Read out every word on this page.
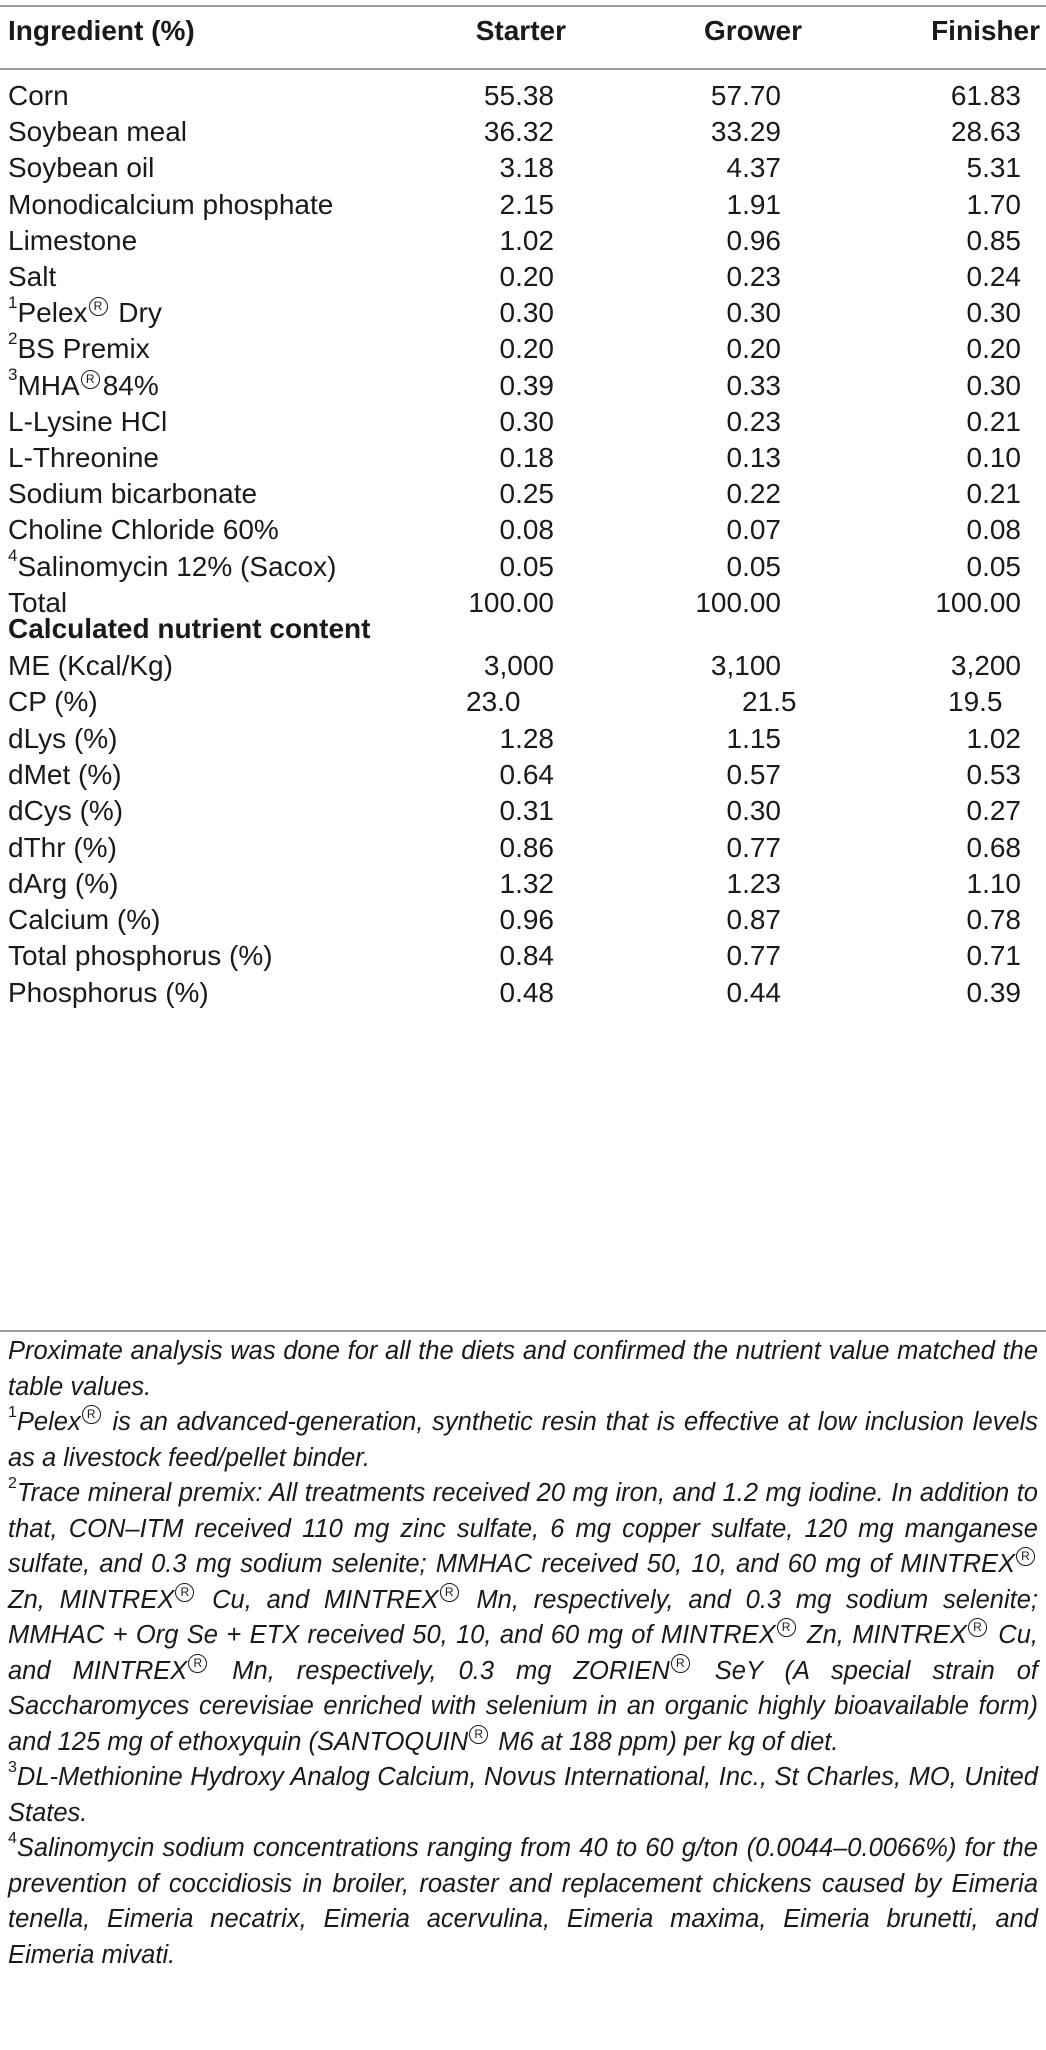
Ingredient (%)	Starter	Grower	Finisher
Corn	55.38	57.70	61.83
Soybean meal	36.32	33.29	28.63
Soybean oil	3.18	4.37	5.31
Monodicalcium phosphate	2.15	1.91	1.70
Limestone	1.02	0.96	0.85
Salt	0.20	0.23	0.24
$^1$Pelex R Dry	0.30	0.30	0.30
$^2$BS Premix	0.20	0.20	0.20
$^3$MHA R 84%	0.39	0.33	0.30
L-Lysine HCl	0.30	0.23	0.21
L-Threonine	0.18	0.13	0.10
Sodium bicarbonate	0.25	0.22	0.21
Choline Chloride 60%	0.08	0.07	0.08
$^4$Salinomycin 12% (Sacox)	0.05	0.05	0.05
Total	100.00	100.00	100.00
Calculated nutrient content
ME (Kcal/Kg)	3,000	3,100	3,200
CP (%)	23.0	21.5	19.5
dLys (%)	1.28	1.15	1.02
dMet (%)	0.64	0.57	0.53
dCys (%)	0.31	0.30	0.27
dThr (%)	0.86	0.77	0.68
dArg (%)	1.32	1.23	1.10
Calcium (%)	0.96	0.87	0.78
Total phosphorus (%)	0.84	0.77	0.71
Phosphorus (%)	0.48	0.44	0.39

Proximate analysis was done for all the diets and confirmed the nutrient value matched the table values.

$^1$Pelex R is an advanced-generation, synthetic resin that is effective at low inclusion levels as a livestock feed/pellet binder.

$^2$Trace mineral premix: All treatments received 20 mg iron, and 1.2 mg iodine. In addition to that, CON–ITM received 110 mg zinc sulfate, 6 mg copper sulfate, 120 mg manganese sulfate, and 0.3 mg sodium selenite; MMHAC received 50, 10, and 60 mg of MINTREX R Zn, MINTREX R Cu, and MINTREX R Mn, respectively, and 0.3 mg sodium selenite; MMHAC + Org Se + ETX received 50, 10, and 60 mg of MINTREX R Zn, MINTREX R Cu, and MINTREX R Mn, respectively, 0.3 mg ZORIEN R SeY (A special strain of Saccharomyces cerevisiae enriched with selenium in an organic highly bioavailable form) and 125 mg of ethoxyquin (SANTOQUIN R M6 at 188 ppm) per kg of diet.

$^3$DL-Methionine Hydroxy Analog Calcium, Novus International, Inc., St Charles, MO, United States.

$^4$Salinomycin sodium concentrations ranging from 40 to 60 g/ton (0.0044–0.0066%) for the prevention of coccidiosis in broiler, roaster and replacement chickens caused by Eimeria tenella, Eimeria necatrix, Eimeria acervulina, Eimeria maxima, Eimeria brunetti, and Eimeria mivati.
